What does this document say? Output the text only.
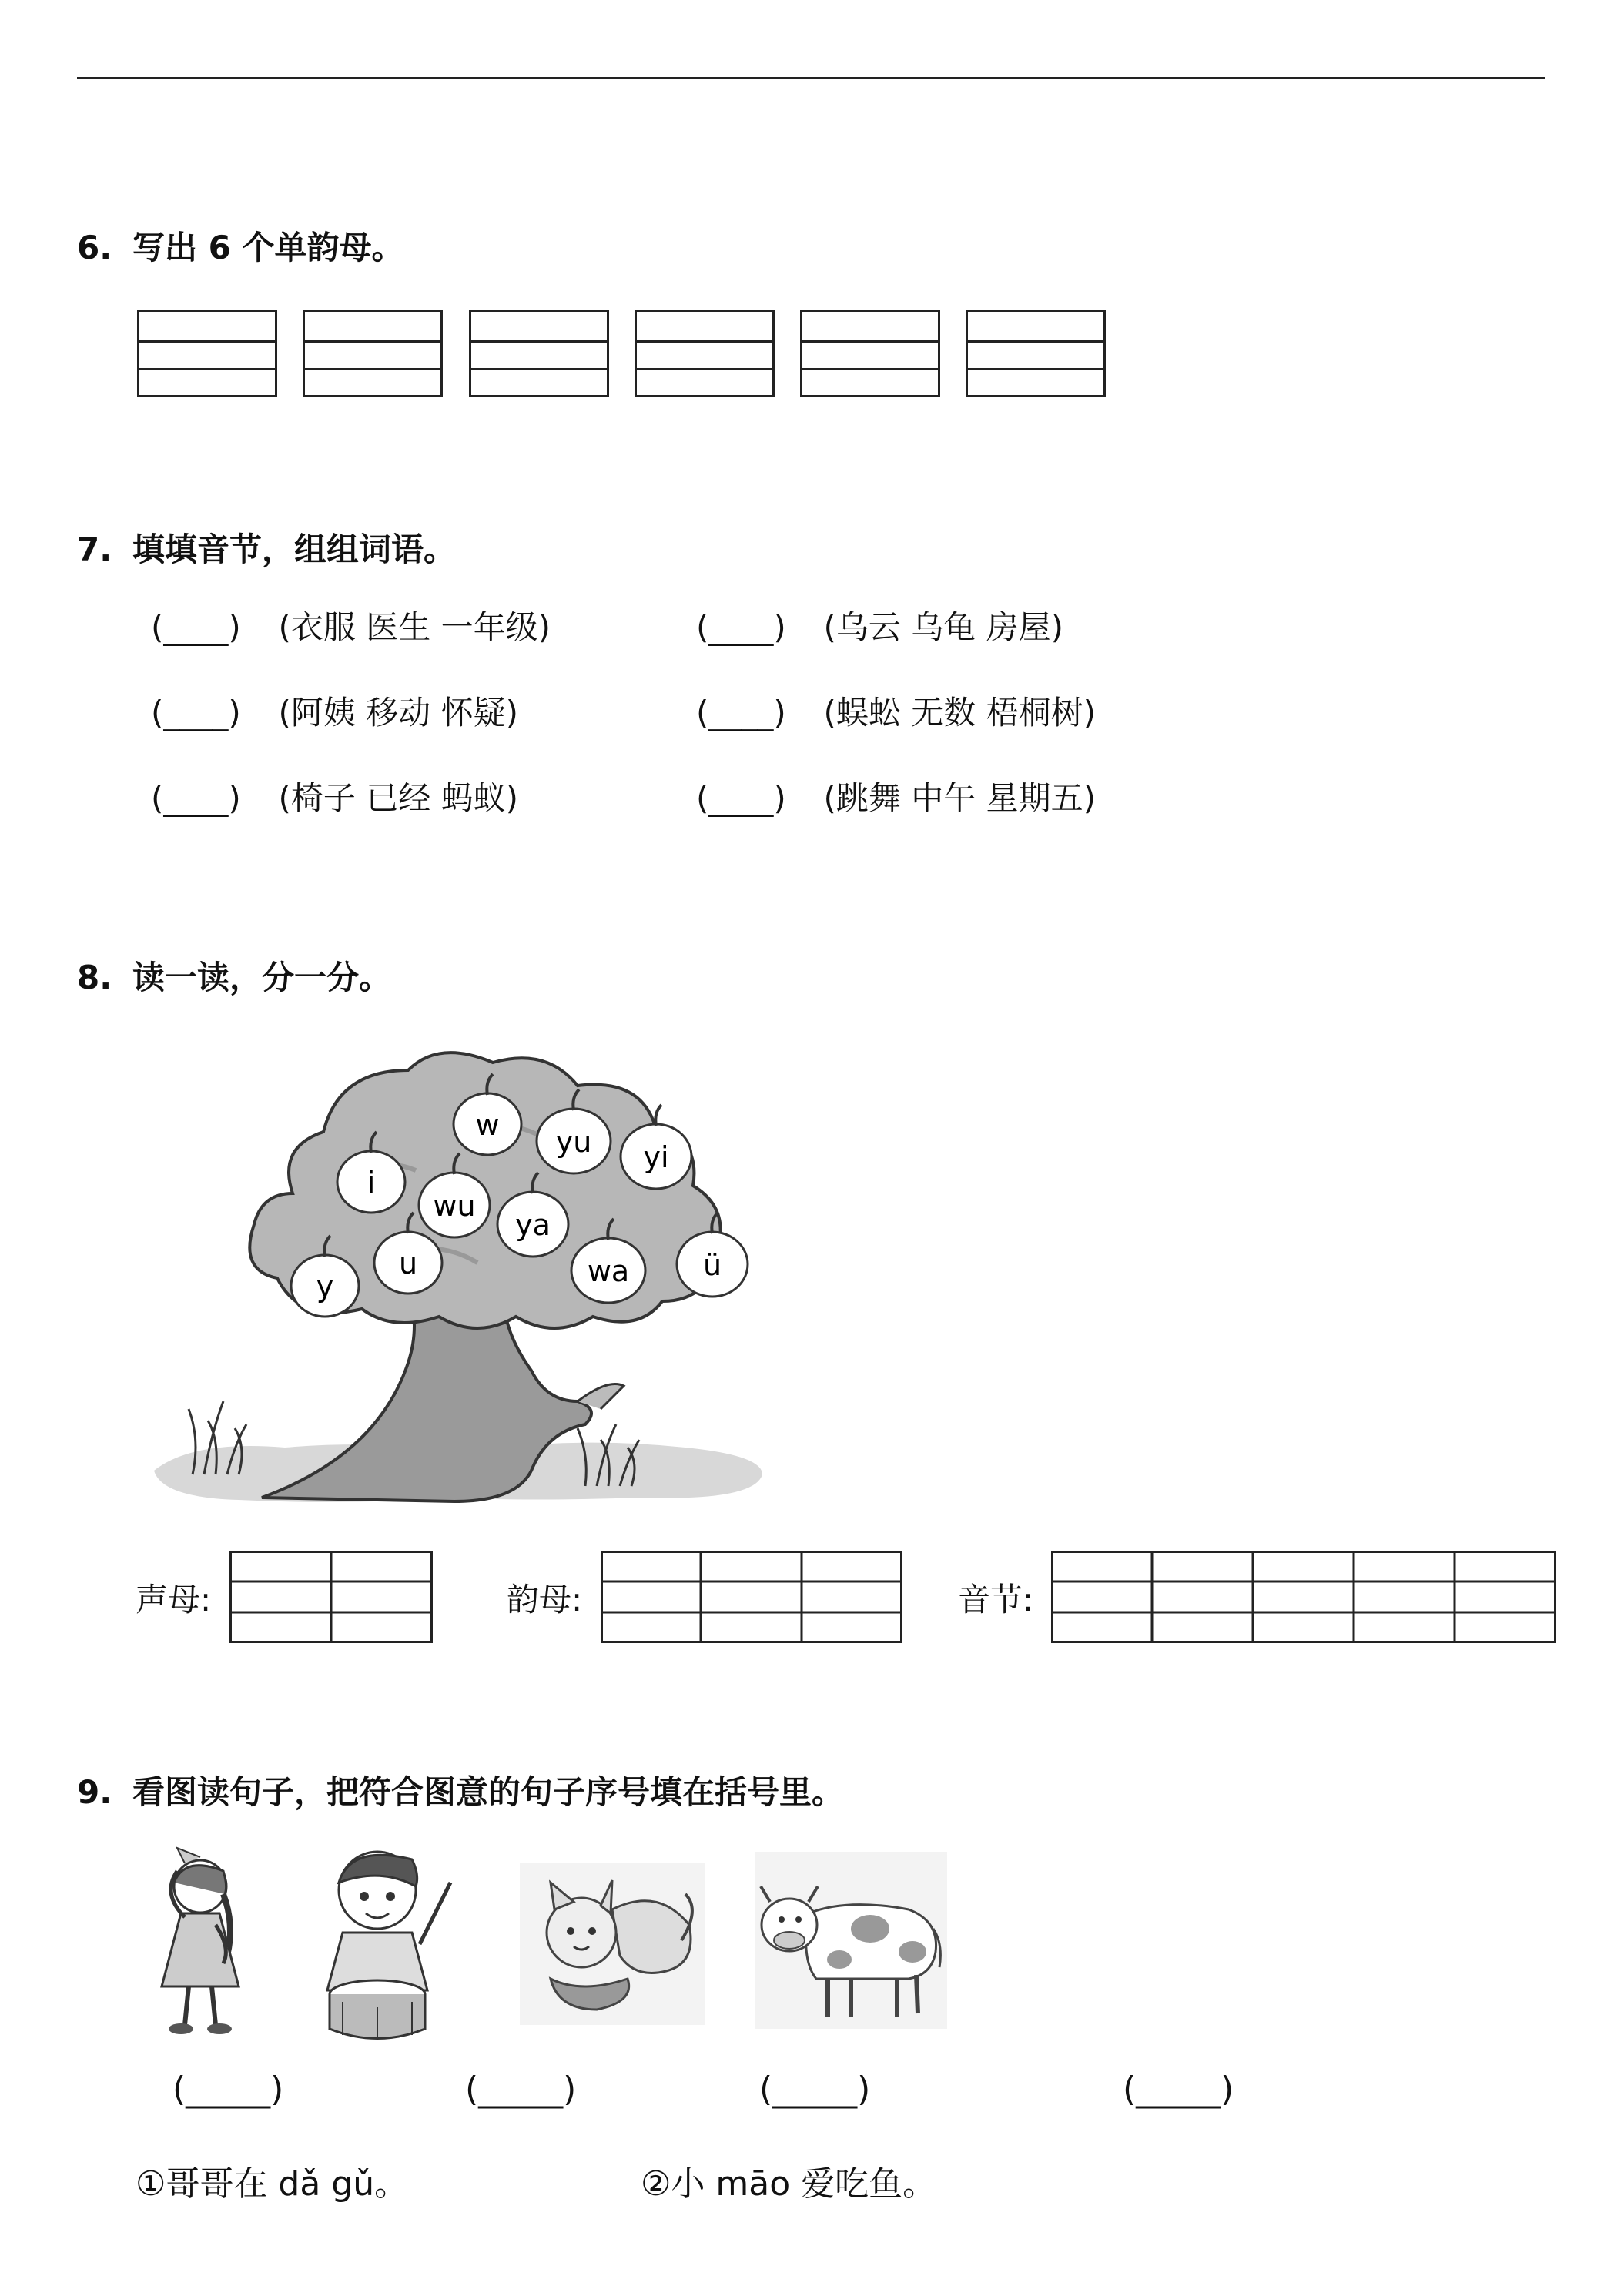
6. 写出 6 个单韵母。
7. 填填音节，组组词语。
(____) (衣服 医生 一年级)	(____) (乌云 乌龟 房屋)
(____) (阿姨 移动 怀疑)	(____) (蜈蚣 无数 梧桐树)
(____) (椅子 已经 蚂蚁)	(____) (跳舞 中午 星期五)
8. 读一读，分一分。
w yu yi
i
wu
ya
u
y	wa	ü
声母:	韵母:	音节:
9. 看图读句子，把符合图意的句子序号填在括号里。
(_____)	(_____)	(_____)	(_____)
①哥哥在 dǎ gǔ。	②小 māo 爱吃鱼。
